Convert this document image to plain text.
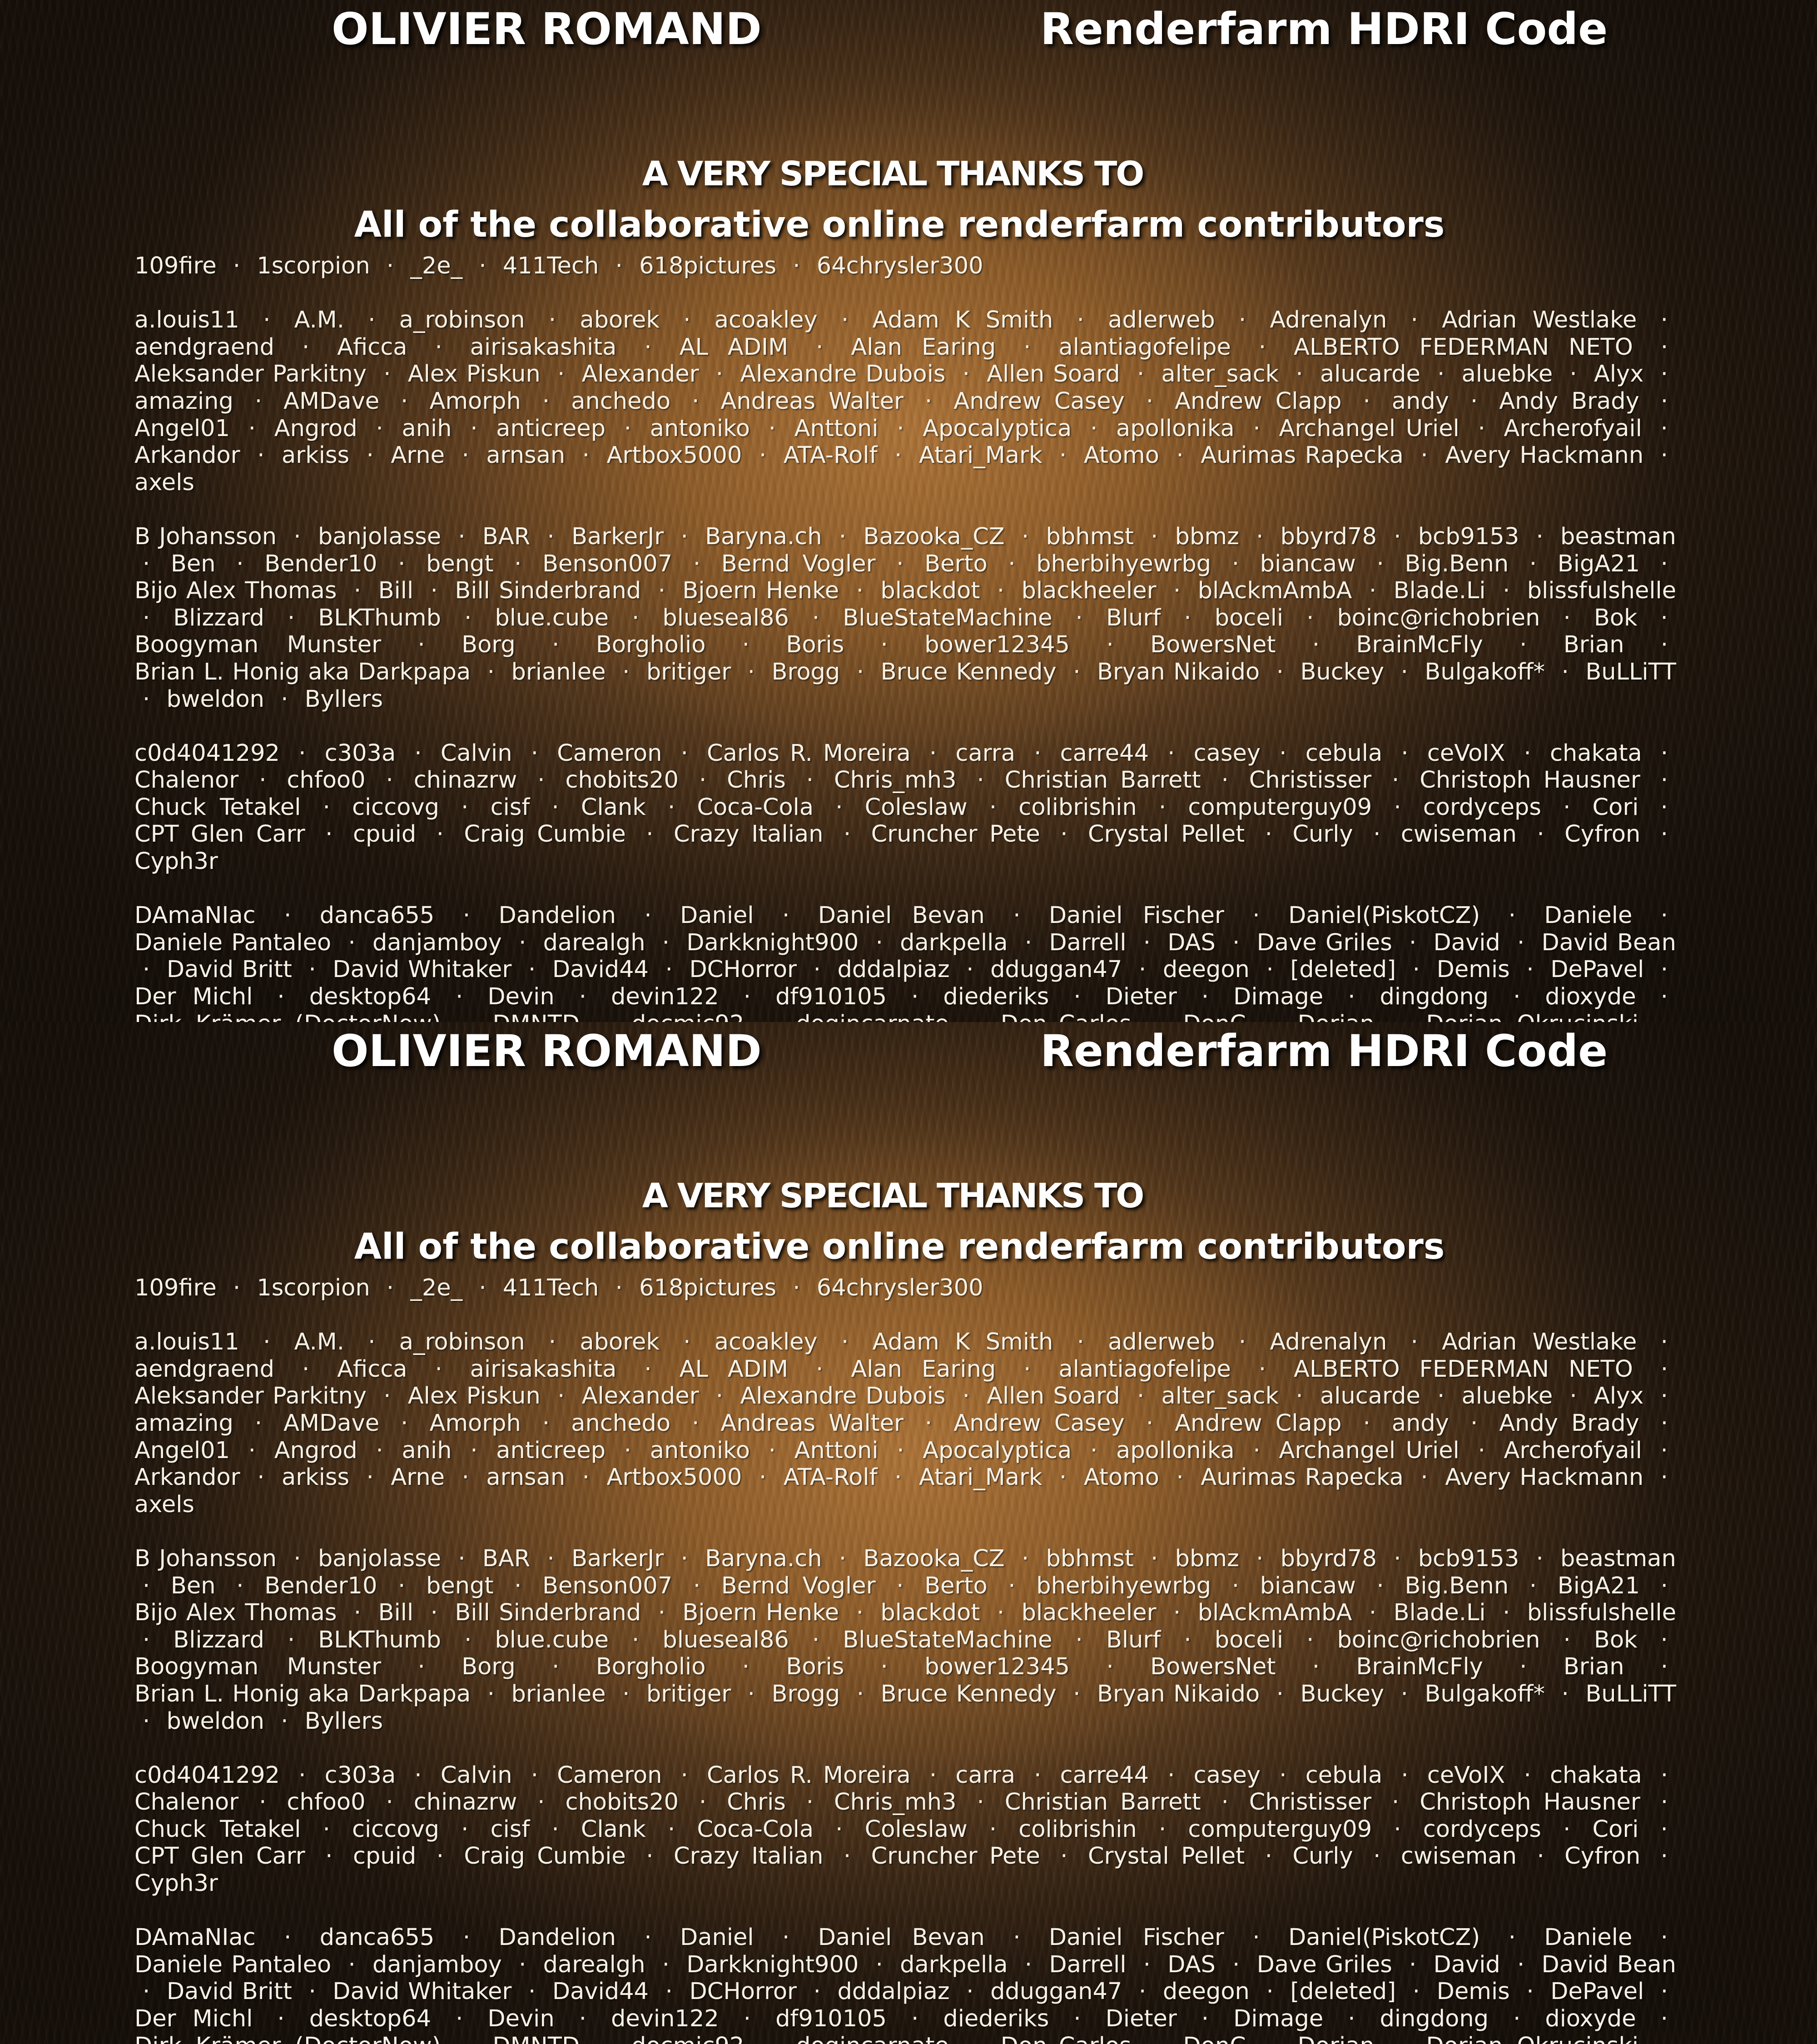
OLIVIER ROMAND	Renderfarm HDRI Code
A VERY SPECIAL THANKS TO
All of the collaborative online renderfarm contributors
109fire · 1scorpion · _2e_ · 411Tech · 618pictures · 64chrysler300
a.louis11 · A.M. · a_robinson · aborek · acoakley · Adam K Smith · adlerweb · Adrenalyn · Adrian Westlake · aendgraend · Aficca · airisakashita · AL ADIM · Alan Earing · alantiagofelipe · ALBERTO FEDERMAN NETO · Aleksander Parkitny · Alex Piskun · Alexander · Alexandre Dubois · Allen Soard · alter_sack · alucarde · aluebke · Alyx · amazing · AMDave · Amorph · anchedo · Andreas Walter · Andrew Casey · Andrew Clapp · andy · Andy Brady · Angel01 · Angrod · anih · anticreep · antoniko · Anttoni · Apocalyptica · apollonika · Archangel Uriel · Archerofyail · Arkandor · arkiss · Arne · arnsan · Artbox5000 · ATA-Rolf · Atari_Mark · Atomo · Aurimas Rapecka · Avery Hackmann · axels
B Johansson · banjolasse · BAR · BarkerJr · Baryna.ch · Bazooka_CZ · bbhmst · bbmz · bbyrd78 · bcb9153 · beastman · Ben · Bender10 · bengt · Benson007 · Bernd Vogler · Berto · bherbihyewrbg · biancaw · Big.Benn · BigA21 · Bijo Alex Thomas · Bill · Bill Sinderbrand · Bjoern Henke · blackdot · blackheeler · blAckmAmbA · Blade.Li · blissfulshelle · Blizzard · BLKThumb · blue.cube · blueseal86 · BlueStateMachine · Blurf · boceli · boinc@richobrien · Bok · Boogyman Munster · Borg · Borgholio · Boris · bower12345 · BowersNet · BrainMcFly · Brian · Brian L. Honig aka Darkpapa · brianlee · britiger · Brogg · Bruce Kennedy · Bryan Nikaido · Buckey · Bulgakoff* · BuLLiTT · bweldon · Byllers
c0d4041292 · c303a · Calvin · Cameron · Carlos R. Moreira · carra · carre44 · casey · cebula · ceVoIX · chakata · Chalenor · chfoo0 · chinazrw · chobits20 · Chris · Chris_mh3 · Christian Barrett · Christisser · Christoph Hausner · Chuck Tetakel · ciccovg · cisf · Clank · Coca-Cola · Coleslaw · colibrishin · computerguy09 · cordyceps · Cori · CPT Glen Carr · cpuid · Craig Cumbie · Crazy Italian · Cruncher Pete · Crystal Pellet · Curly · cwiseman · Cyfron · Cyph3r
DAmaNIac · danca655 · Dandelion · Daniel · Daniel Bevan · Daniel Fischer · Daniel(PiskotCZ) · Daniele · Daniele Pantaleo · danjamboy · darealgh · Darkknight900 · darkpella · Darrell · DAS · Dave Griles · David · David Bean · David Britt · David Whitaker · David44 · DCHorror · dddalpiaz · dduggan47 · deegon · [deleted] · Demis · DePavel · Der Michl · desktop64 · Devin · devin122 · df910105 · diederiks · Dieter · Dimage · dingdong · dioxyde ·
OLIVIER ROMAND	Renderfarm HDRI Code
A VERY SPECIAL THANKS TO
All of the collaborative online renderfarm contributors
109fire · 1scorpion · _2e_ · 411Tech · 618pictures · 64chrysler300
a.louis11 · A.M. · a_robinson · aborek · acoakley · Adam K Smith · adlerweb · Adrenalyn · Adrian Westlake · aendgraend · Aficca · airisakashita · AL ADIM · Alan Earing · alantiagofelipe · ALBERTO FEDERMAN NETO · Aleksander Parkitny · Alex Piskun · Alexander · Alexandre Dubois · Allen Soard · alter_sack · alucarde · aluebke · Alyx · amazing · AMDave · Amorph · anchedo · Andreas Walter · Andrew Casey · Andrew Clapp · andy · Andy Brady · Angel01 · Angrod · anih · anticreep · antoniko · Anttoni · Apocalyptica · apollonika · Archangel Uriel · Archerofyail · Arkandor · arkiss · Arne · arnsan · Artbox5000 · ATA-Rolf · Atari_Mark · Atomo · Aurimas Rapecka · Avery Hackmann · axels
B Johansson · banjolasse · BAR · BarkerJr · Baryna.ch · Bazooka_CZ · bbhmst · bbmz · bbyrd78 · bcb9153 · beastman · Ben · Bender10 · bengt · Benson007 · Bernd Vogler · Berto · bherbihyewrbg · biancaw · Big.Benn · BigA21 · Bijo Alex Thomas · Bill · Bill Sinderbrand · Bjoern Henke · blackdot · blackheeler · blAckmAmbA · Blade.Li · blissfulshelle · Blizzard · BLKThumb · blue.cube · blueseal86 · BlueStateMachine · Blurf · boceli · boinc@richobrien · Bok · Boogyman Munster · Borg · Borgholio · Boris · bower12345 · BowersNet · BrainMcFly · Brian · Brian L. Honig aka Darkpapa · brianlee · britiger · Brogg · Bruce Kennedy · Bryan Nikaido · Buckey · Bulgakoff* · BuLLiTT · bweldon · Byllers
c0d4041292 · c303a · Calvin · Cameron · Carlos R. Moreira · carra · carre44 · casey · cebula · ceVoIX · chakata · Chalenor · chfoo0 · chinazrw · chobits20 · Chris · Chris_mh3 · Christian Barrett · Christisser · Christoph Hausner · Chuck Tetakel · ciccovg · cisf · Clank · Coca-Cola · Coleslaw · colibrishin · computerguy09 · cordyceps · Cori · CPT Glen Carr · cpuid · Craig Cumbie · Crazy Italian · Cruncher Pete · Crystal Pellet · Curly · cwiseman · Cyfron · Cyph3r
DAmaNIac · danca655 · Dandelion · Daniel · Daniel Bevan · Daniel Fischer · Daniel(PiskotCZ) · Daniele · Daniele Pantaleo · danjamboy · darealgh · Darkknight900 · darkpella · Darrell · DAS · Dave Griles · David · David Bean · David Britt · David Whitaker · David44 · DCHorror · dddalpiaz · dduggan47 · deegon · [deleted] · Demis · DePavel · Der Michl · desktop64 · Devin · devin122 · df910105 · diederiks · Dieter · Dimage · dingdong · dioxyde ·
